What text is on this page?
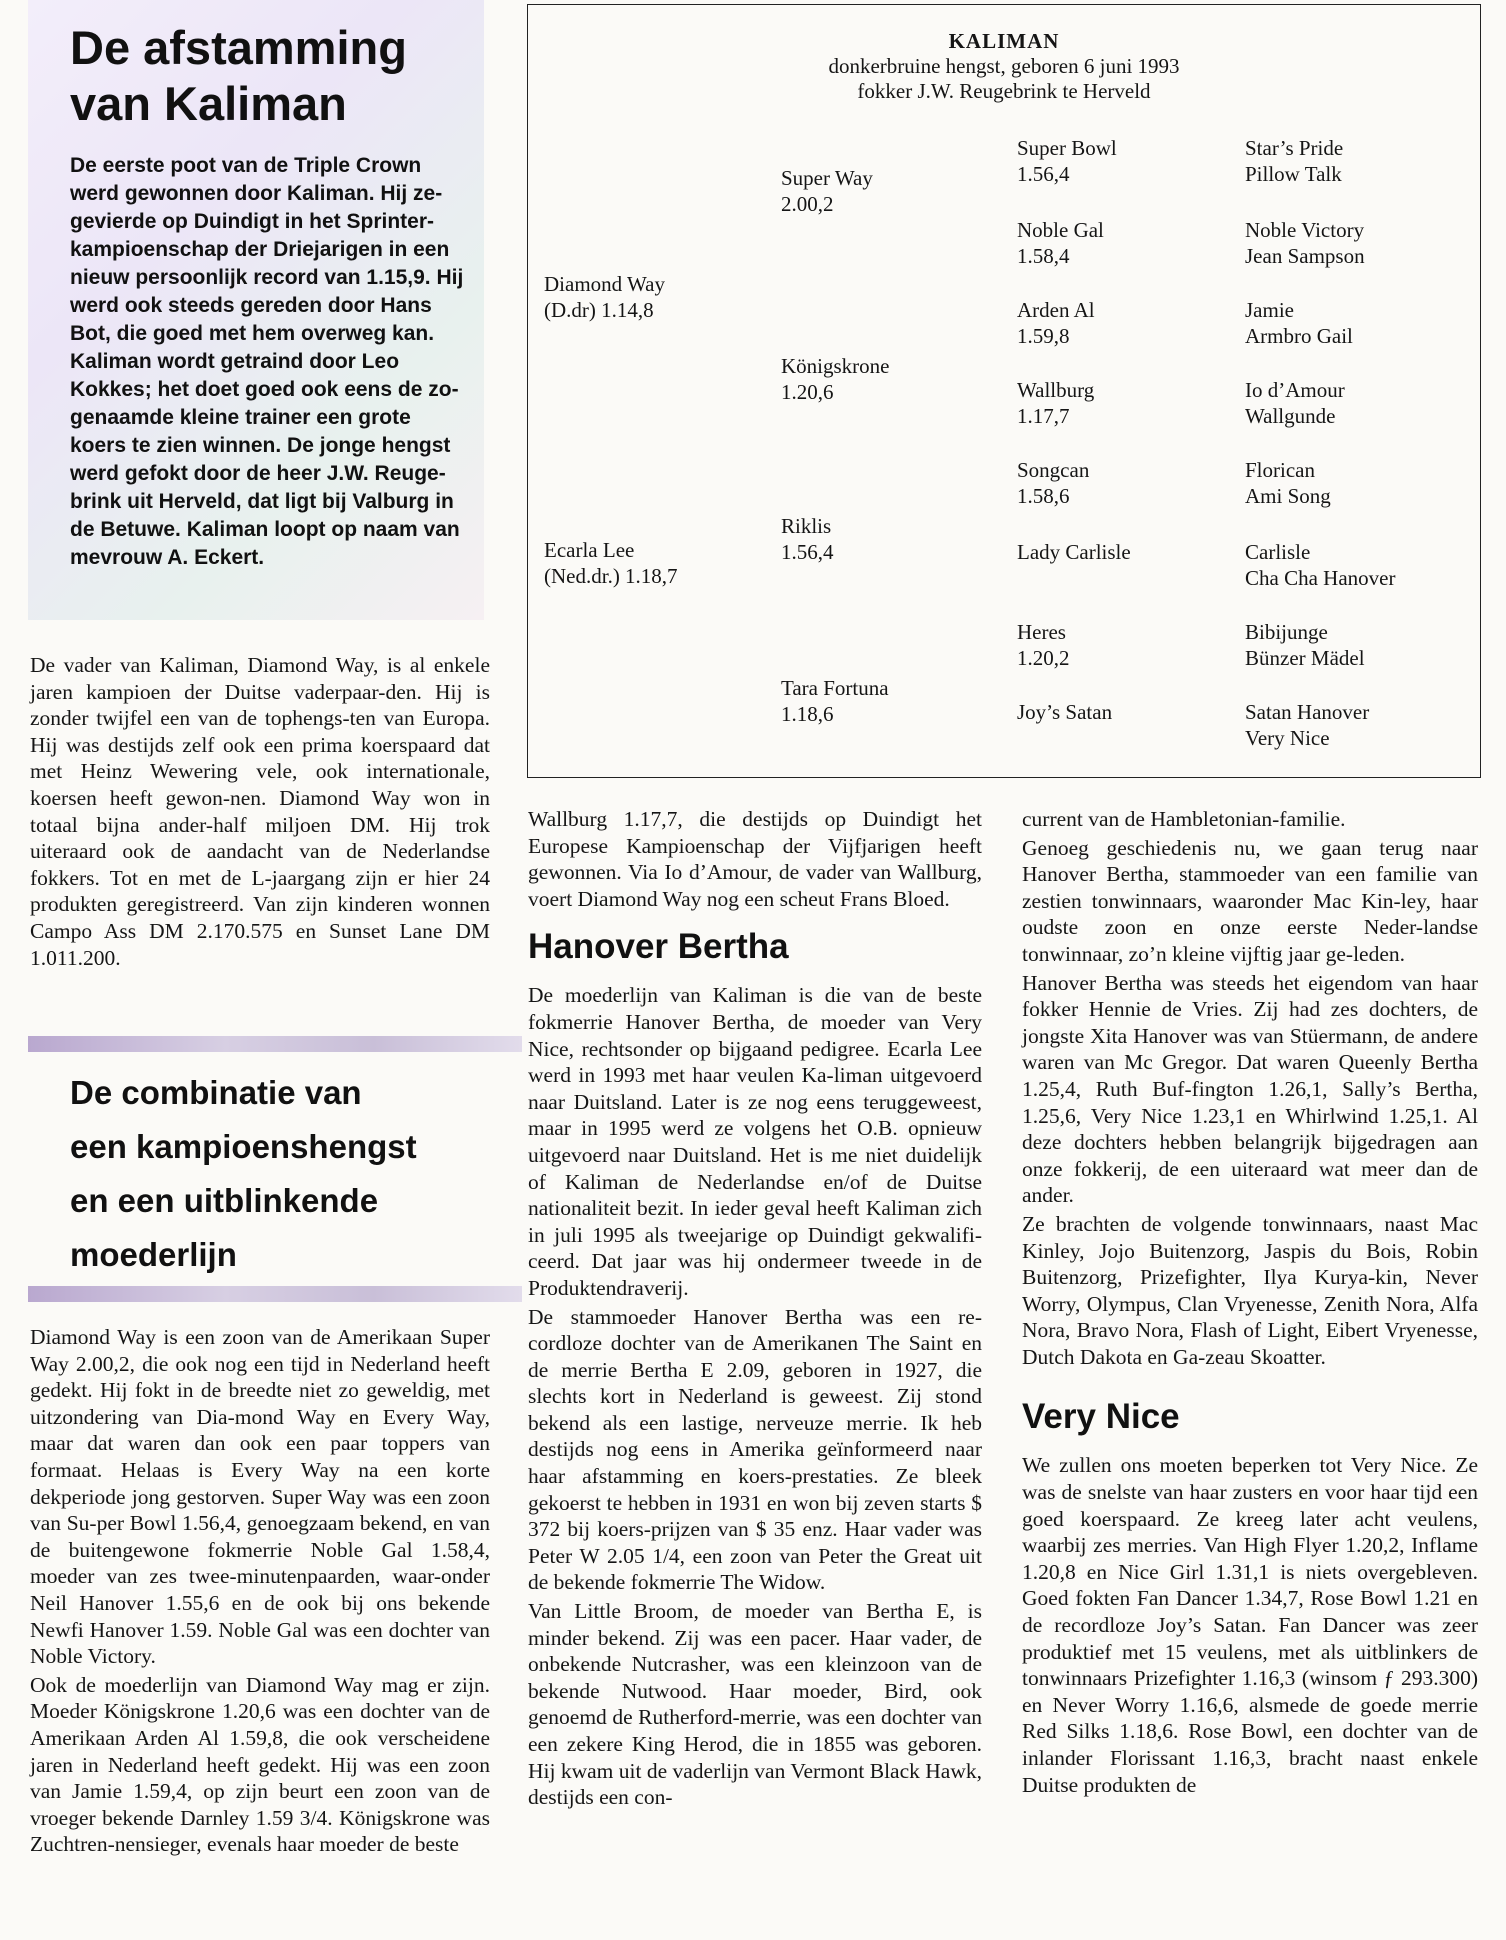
De afstamming
van Kaliman

De eerste poot van de Triple Crown werd gewonnen door Kaliman. Hij ze-gevierde op Duindigt in het Sprinter-kampioenschap der Driejarigen in een nieuw persoonlijk record van 1.15,9. Hij werd ook steeds gereden door Hans Bot, die goed met hem overweg kan. Kaliman wordt getraind door Leo Kokkes; het doet goed ook eens de zo-genaamde kleine trainer een grote koers te zien winnen. De jonge hengst werd gefokt door de heer J.W. Reuge-brink uit Herveld, dat ligt bij Valburg in de Betuwe. Kaliman loopt op naam van mevrouw A. Eckert.

De vader van Kaliman, Diamond Way, is al enkele jaren kampioen der Duitse vaderpaar-den. Hij is zonder twijfel een van de tophengs-ten van Europa. Hij was destijds zelf ook een prima koerspaard dat met Heinz Wewering vele, ook internationale, koersen heeft gewon-nen. Diamond Way won in totaal bijna ander-half miljoen DM. Hij trok uiteraard ook de aandacht van de Nederlandse fokkers. Tot en met de L-jaargang zijn er hier 24 produkten geregistreerd. Van zijn kinderen wonnen Campo Ass DM 2.170.575 en Sunset Lane DM 1.011.200.

De combinatie van
een kampioenshengst
en een uitblinkende
moederlijn

Diamond Way is een zoon van de Amerikaan Super Way 2.00,2, die ook nog een tijd in Nederland heeft gedekt. Hij fokt in de breedte niet zo geweldig, met uitzondering van Dia-mond Way en Every Way, maar dat waren dan ook een paar toppers van formaat. Helaas is Every Way na een korte dekperiode jong gestorven. Super Way was een zoon van Su-per Bowl 1.56,4, genoegzaam bekend, en van de buitengewone fokmerrie Noble Gal 1.58,4, moeder van zes twee-minutenpaarden, waar-onder Neil Hanover 1.55,6 en de ook bij ons bekende Newfi Hanover 1.59. Noble Gal was een dochter van Noble Victory.

Ook de moederlijn van Diamond Way mag er zijn. Moeder Königskrone 1.20,6 was een dochter van de Amerikaan Arden Al 1.59,8, die ook verscheidene jaren in Nederland heeft gedekt. Hij was een zoon van Jamie 1.59,4, op zijn beurt een zoon van de vroeger bekende Darnley 1.59 3/4. Königskrone was Zuchtren-nensieger, evenals haar moeder de beste

KALIMAN
donkerbruine hengst, geboren 6 juni 1993
fokker J.W. Reugebrink te Herveld
Diamond Way
(D.dr) 1.14,8
Ecarla Lee
(Ned.dr.) 1.18,7
Super Way
2.00,2
Königskrone
1.20,6
Riklis
1.56,4
Tara Fortuna
1.18,6
Super Bowl
1.56,4
Noble Gal
1.58,4
Arden Al
1.59,8
Wallburg
1.17,7
Songcan
1.58,6
Lady Carlisle
Heres
1.20,2
Joy’s Satan
Star’s Pride
Pillow Talk
Noble Victory
Jean Sampson
Jamie
Armbro Gail
Io d’Amour
Wallgunde
Florican
Ami Song
Carlisle
Cha Cha Hanover
Bibijunge
Bünzer Mädel
Satan Hanover
Very Nice

Wallburg 1.17,7, die destijds op Duindigt het Europese Kampioenschap der Vijfjarigen heeft gewonnen. Via Io d’Amour, de vader van Wallburg, voert Diamond Way nog een scheut Frans Bloed.

Hanover Bertha

De moederlijn van Kaliman is die van de beste fokmerrie Hanover Bertha, de moeder van Very Nice, rechtsonder op bijgaand pedigree. Ecarla Lee werd in 1993 met haar veulen Ka-liman uitgevoerd naar Duitsland. Later is ze nog eens teruggeweest, maar in 1995 werd ze volgens het O.B. opnieuw uitgevoerd naar Duitsland. Het is me niet duidelijk of Kaliman de Nederlandse en/of de Duitse nationaliteit bezit. In ieder geval heeft Kaliman zich in juli 1995 als tweejarige op Duindigt gekwalifi-ceerd. Dat jaar was hij ondermeer tweede in de Produktendraverij.

De stammoeder Hanover Bertha was een re-cordloze dochter van de Amerikanen The Saint en de merrie Bertha E 2.09, geboren in 1927, die slechts kort in Nederland is geweest. Zij stond bekend als een lastige, nerveuze merrie. Ik heb destijds nog eens in Amerika geïnformeerd naar haar afstamming en koers-prestaties. Ze bleek gekoerst te hebben in 1931 en won bij zeven starts $ 372 bij koers-prijzen van $ 35 enz. Haar vader was Peter W 2.05 1/4, een zoon van Peter the Great uit de bekende fokmerrie The Widow.

Van Little Broom, de moeder van Bertha E, is minder bekend. Zij was een pacer. Haar vader, de onbekende Nutcrasher, was een kleinzoon van de bekende Nutwood. Haar moeder, Bird, ook genoemd de Rutherford-merrie, was een dochter van een zekere King Herod, die in 1855 was geboren. Hij kwam uit de vaderlijn van Vermont Black Hawk, destijds een con-

current van de Hambletonian-familie.

Genoeg geschiedenis nu, we gaan terug naar Hanover Bertha, stammoeder van een familie van zestien tonwinnaars, waaronder Mac Kin-ley, haar oudste zoon en onze eerste Neder-landse tonwinnaar, zo’n kleine vijftig jaar ge-leden.

Hanover Bertha was steeds het eigendom van haar fokker Hennie de Vries. Zij had zes dochters, de jongste Xita Hanover was van Stüermann, de andere waren van Mc Gregor. Dat waren Queenly Bertha 1.25,4, Ruth Buf-fington 1.26,1, Sally’s Bertha, 1.25,6, Very Nice 1.23,1 en Whirlwind 1.25,1. Al deze dochters hebben belangrijk bijgedragen aan onze fokkerij, de een uiteraard wat meer dan de ander.

Ze brachten de volgende tonwinnaars, naast Mac Kinley, Jojo Buitenzorg, Jaspis du Bois, Robin Buitenzorg, Prizefighter, Ilya Kurya-kin, Never Worry, Olympus, Clan Vryenesse, Zenith Nora, Alfa Nora, Bravo Nora, Flash of Light, Eibert Vryenesse, Dutch Dakota en Ga-zeau Skoatter.

Very Nice

We zullen ons moeten beperken tot Very Nice. Ze was de snelste van haar zusters en voor haar tijd een goed koerspaard. Ze kreeg later acht veulens, waarbij zes merries. Van High Flyer 1.20,2, Inflame 1.20,8 en Nice Girl 1.31,1 is niets overgebleven. Goed fokten Fan Dancer 1.34,7, Rose Bowl 1.21 en de recordloze Joy’s Satan. Fan Dancer was zeer produktief met 15 veulens, met als uitblinkers de tonwinnaars Prizefighter 1.16,3 (winsom ƒ 293.300) en Never Worry 1.16,6, alsmede de goede merrie Red Silks 1.18,6. Rose Bowl, een dochter van de inlander Florissant 1.16,3, bracht naast enkele Duitse produkten de
